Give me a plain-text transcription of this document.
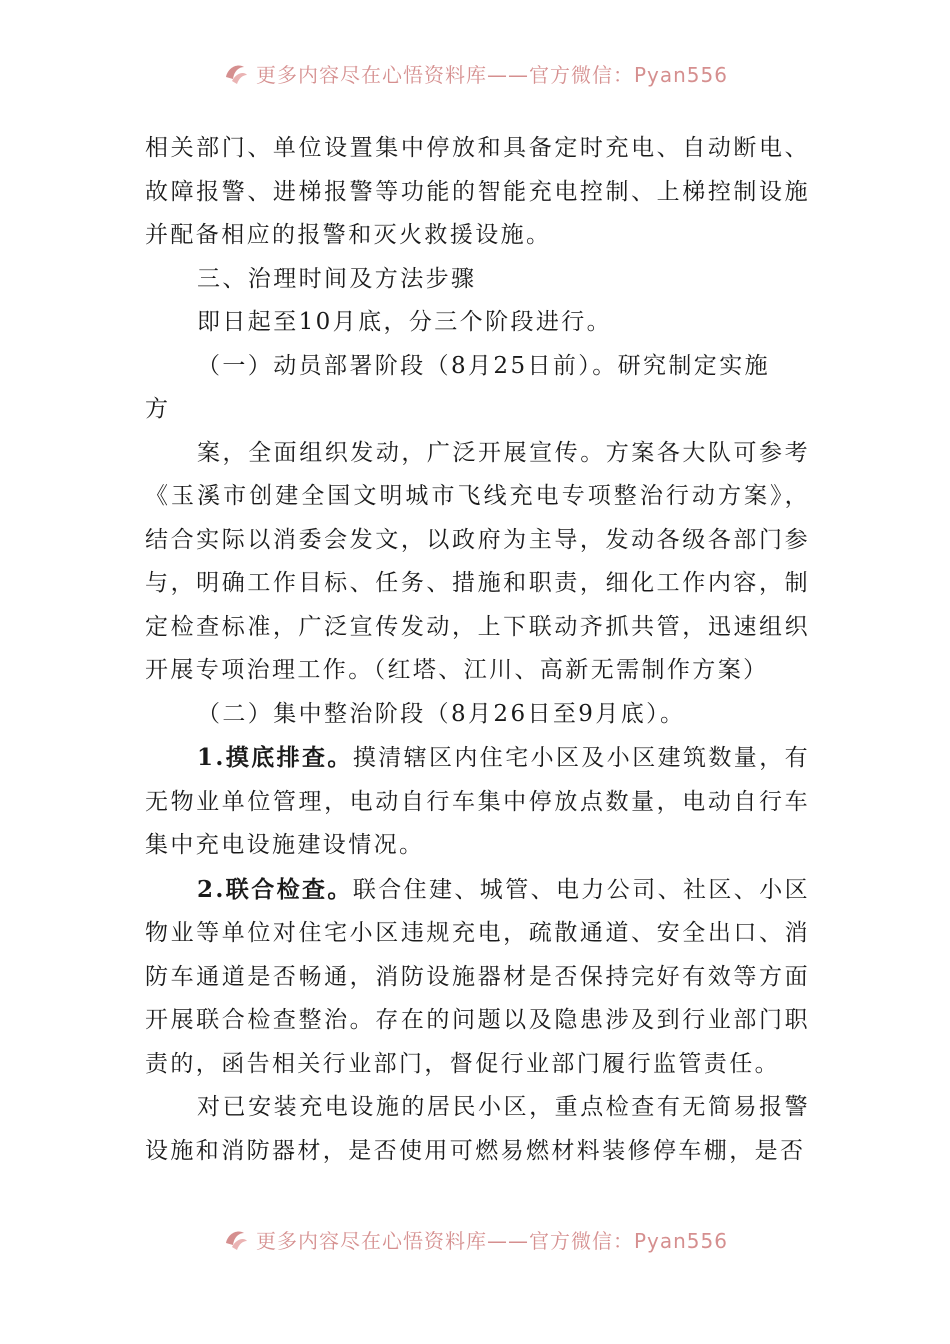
更多内容尽在心悟资料库——官方微信：Pyan556

相关部门、单位设置集中停放和具备定时充电、自动断电、故障报警、进梯报警等功能的智能充电控制、上梯控制设施并配备相应的报警和灭火救援设施。

三、治理时间及方法步骤

即日起至10月底，分三个阶段进行。

（一）动员部署阶段（8月25日前）。研究制定实施

方

案，全面组织发动，广泛开展宣传。方案各大队可参考《玉溪市创建全国文明城市飞线充电专项整治行动方案》，结合实际以消委会发文，以政府为主导，发动各级各部门参与，明确工作目标、任务、措施和职责，细化工作内容，制定检查标准，广泛宣传发动，上下联动齐抓共管，迅速组织开展专项治理工作。（红塔、江川、高新无需制作方案）

（二）集中整治阶段（8月26日至9月底）。

1.摸底排查。摸清辖区内住宅小区及小区建筑数量，有无物业单位管理，电动自行车集中停放点数量，电动自行车集中充电设施建设情况。

2.联合检查。联合住建、城管、电力公司、社区、小区物业等单位对住宅小区违规充电，疏散通道、安全出口、消防车通道是否畅通，消防设施器材是否保持完好有效等方面开展联合检查整治。存在的问题以及隐患涉及到行业部门职责的，函告相关行业部门，督促行业部门履行监管责任。

对已安装充电设施的居民小区，重点检查有无简易报警设施和消防器材，是否使用可燃易燃材料装修停车棚，是否

更多内容尽在心悟资料库——官方微信：Pyan556
